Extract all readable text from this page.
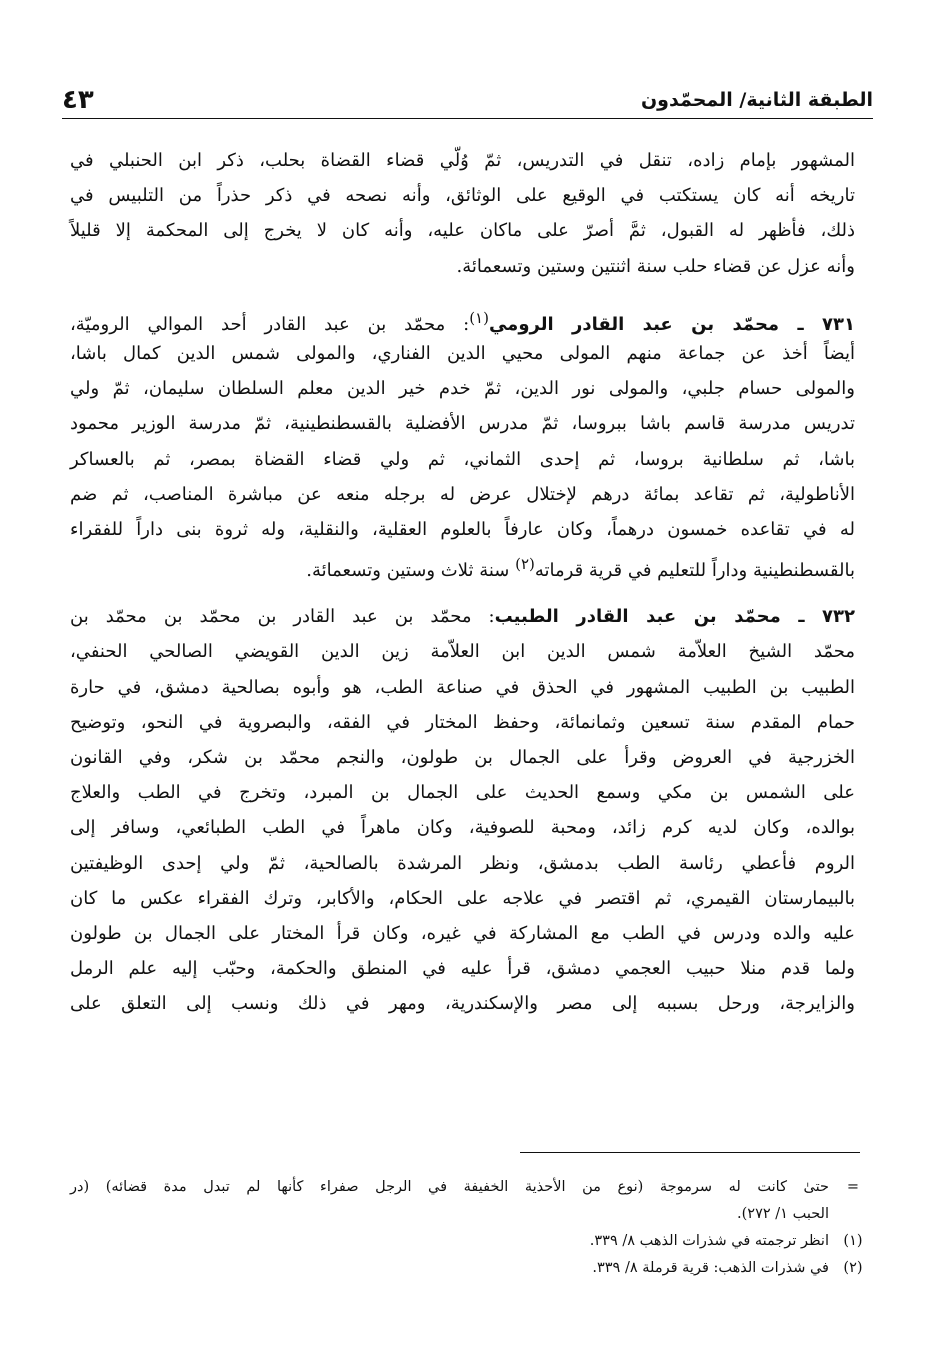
الطبقة الثانية/ المحمّدون
٤٣
المشهور بإمام زاده، تنقل في التدريس، ثمّ وُلّي قضاء القضاة بحلب، ذكر ابن الحنبلي في
تاريخه أنه كان يستكتب في الوقيع على الوثائق، وأنه نصحه في ذكر حذراً من التلبيس في
ذلك، فأظهر له القبول، ثمَّ أصرّ على ماكان عليه، وأنه كان لا يخرج إلى المحكمة إلا قليلاً
وأنه عزل عن قضاء حلب سنة اثنتين وستين وتسعمائة.
٧٣١ ـ محمّد بن عبد القادر الرومي$^{(١)}$: محمّد بن عبد القادر أحد الموالي الروميّة،
أيضاً أخذ عن جماعة منهم المولى محيي الدين الفناري، والمولى شمس الدين كمال باشا،
والمولى حسام جلبي، والمولى نور الدين، ثمّ خدم خير الدين معلم السلطان سليمان، ثمّ ولي
تدريس مدرسة قاسم باشا ببروسا، ثمّ مدرس الأفضلية بالقسطنطينية، ثمّ مدرسة الوزير محمود
باشا، ثم سلطانية بروسا، ثم إحدى الثماني، ثم ولي قضاء القضاة بمصر، ثم بالعساكر
الأناطولية، ثم تقاعد بمائة درهم لإختلال عرض له برجله منعه عن مباشرة المناصب، ثم ضم
له في تقاعده خمسون درهماً، وكان عارفاً بالعلوم العقلية، والنقلية، وله ثروة بنى داراً للفقراء
بالقسطنطينية وداراً للتعليم في قرية قرماته$^{(٢)}$ سنة ثلاث وستين وتسعمائة.
٧٣٢ ـ محمّد بن عبد القادر الطبيب: محمّد بن عبد القادر بن محمّد بن محمّد بن
محمّد الشيخ العلاّمة شمس الدين ابن العلاّمة زين الدين القويضي الصالحي الحنفي،
الطبيب بن الطبيب المشهور في الحذق في صناعة الطب، هو وأبوه بصالحية دمشق، في حارة
حمام المقدم سنة تسعين وثمانمائة، وحفظ المختار في الفقه، والبصروية في النحو، وتوضيح
الخزرجية في العروض وقرأ على الجمال بن طولون، والنجم محمّد بن شكر، وفي القانون
على الشمس بن مكي وسمع الحديث على الجمال بن المبرد، وتخرج في الطب والعلاج
بوالده، وكان لديه كرم زائد، ومحبة للصوفية، وكان ماهراً في الطب الطبائعي، وسافر إلى
الروم فأعطي رئاسة الطب بدمشق، ونظر المرشدة بالصالحية، ثمّ ولي إحدى الوظيفتين
بالبيمارستان القيمري، ثم اقتصر في علاجه على الحكام، والأكابر، وترك الفقراء عكس ما كان
عليه والده ودرس في الطب مع المشاركة في غيره، وكان قرأ المختار على الجمال بن طولون
ولما قدم منلا حبيب العجمي دمشق، قرأ عليه في المنطق والحكمة، وحبّب إليه علم الرمل
والزايرجة، ورحل بسببه إلى مصر والإسكندرية، ومهر في ذلك ونسب إلى التعلق على
=
حتىٰ كانت له سرموجة (نوع من الأحذية الخفيفة في الرجل صفراء كأنها لم تبدل مدة قضائه) (در
الحبب ١/ ٢٧٢).
(١)
انظر ترجمته في شذرات الذهب ٨/ ٣٣٩.
(٢)
في شذرات الذهب: قرية قرملة ٨/ ٣٣٩.
